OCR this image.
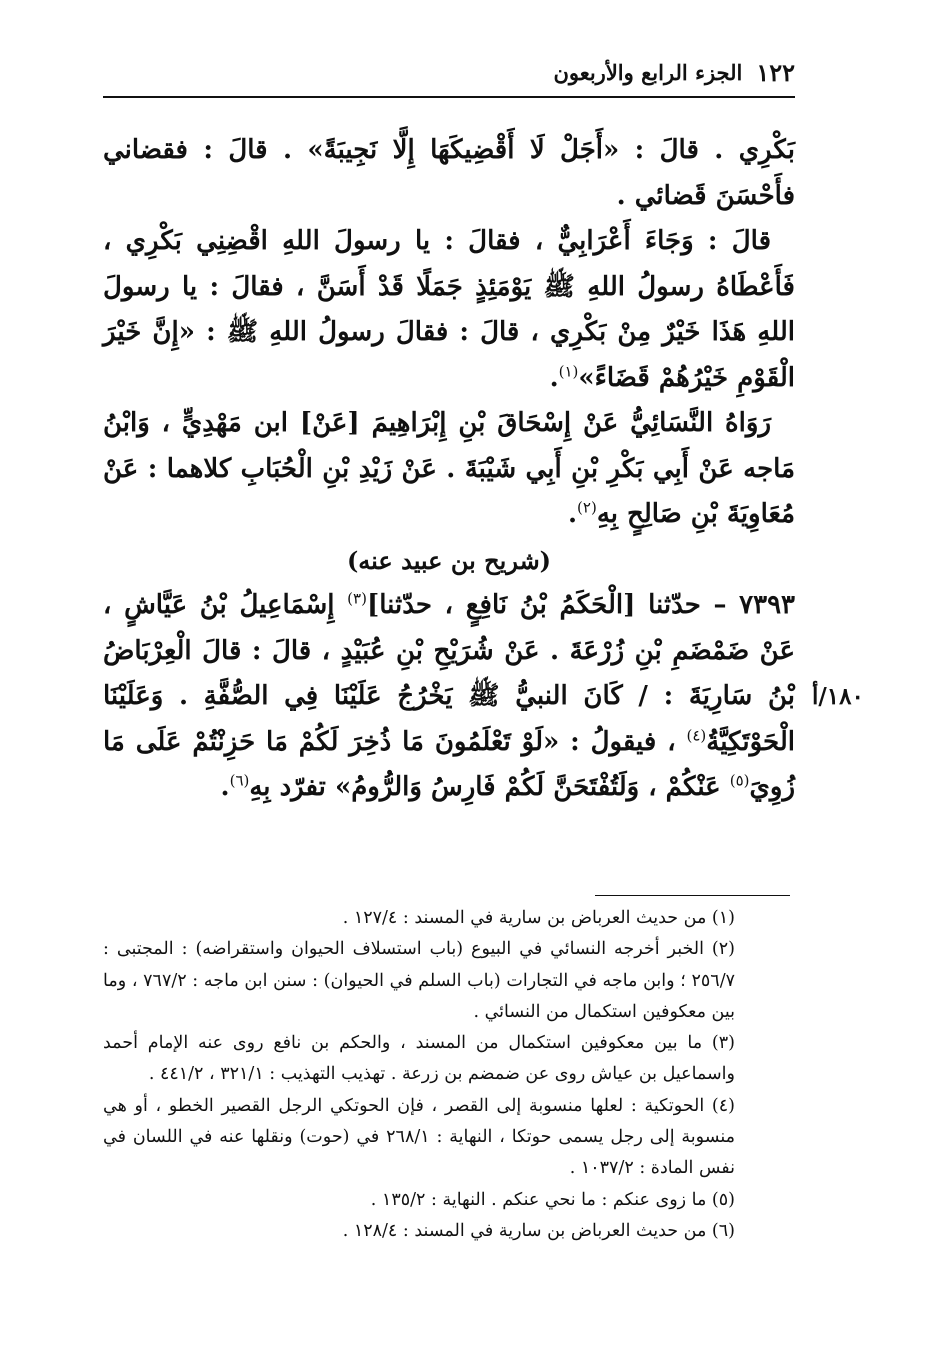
١٢٢
الجزء الرابع والأربعون
١٨٠/أ

بَكْرِي . قالَ : «أَجَلْ لَا أَقْضِيكَهَا إِلَّا نَجِيبَةً» . قالَ : فقضاني فأَحْسَنَ قَضائي .

قالَ : وَجَاءَ أَعْرَابِيٌّ ، فقالَ : يا رسولَ اللهِ اقْضِنِي بَكْرِي ، فَأَعْطَاهُ رسولُ اللهِ ﷺ يَوْمَئِذٍ جَمَلًا قَدْ أَسَنَّ ، فقالَ : يا رسولَ اللهِ هَذَا خَيْرٌ مِنْ بَكْرِي ، قالَ : فقالَ رسولُ اللهِ ﷺ : «إِنَّ خَيْرَ الْقَوْمِ خَيْرُهُمْ قَضَاءً»$^{(١)}$.

رَوَاهُ النَّسَائِيُّ عَنْ إِسْحَاقَ بْنِ إِبْرَاهِيمَ [عَنْ] ابن مَهْدِيٍّ ، وَابْنُ مَاجه عَنْ أَبِي بَكْرِ بْنِ أَبِي شَيْبَةَ . عَنْ زَيْدِ بْنِ الْحُبَابِ كلاهما : عَنْ مُعَاوِيَةَ بْنِ صَالِحٍ بِهِ$^{(٢)}$.

(شريح بن عبيد عنه)

٧٣٩٣ – حدّثنا [الْحَكَمُ بْنُ نَافِعٍ ، حدّثنا]$^{(٣)}$ إِسْمَاعِيلُ بْنُ عَيَّاشٍ ، عَنْ ضَمْضَمِ بْنِ زُرْعَةَ . عَنْ شُرَيْحِ بْنِ عُبَيْدٍ ، قالَ : قالَ الْعِرْبَاضُ بْنُ سَارِيَةَ : / كَانَ النبيُّ ﷺ يَخْرُجُ عَلَيْنَا فِي الصُّفَّةِ . وَعَلَيْنَا الْحَوْتَكِيَّةُ$^{(٤)}$ ، فيقولُ : «لَوْ تَعْلَمُونَ مَا ذُخِرَ لَكُمْ مَا حَزِنْتُمْ عَلَى مَا زُوِيَ$^{(٥)}$ عَنْكُمْ ، وَلَتُفْتَحَنَّ لَكُمْ فَارِسُ وَالرُّومُ» تفرّد بِهِ$^{(٦)}$.

(١) من حديث العرباض بن سارية في المسند : ١٢٧/٤ .

(٢) الخبر أخرجه النسائي في البيوع (باب استسلاف الحيوان واستقراضه) : المجتبى : ٢٥٦/٧ ؛ وابن ماجه في التجارات (باب السلم في الحيوان) : سنن ابن ماجه : ٧٦٧/٢ ، وما بين معكوفين استكمال من النسائي .

(٣) ما بين معكوفين استكمال من المسند ، والحكم بن نافع روى عنه الإمام أحمد واسماعيل بن عياش روى عن ضمضم بن زرعة . تهذيب التهذيب : ٣٢١/١ ، ٤٤١/٢ .

(٤) الحوتكية : لعلها منسوبة إلى القصر ، فإن الحوتكي الرجل القصير الخطو ، أو هي منسوبة إلى رجل يسمى حوتكا ، النهاية : ٢٦٨/١ في (حوت) ونقلها عنه في اللسان في نفس المادة : ١٠٣٧/٢ .

(٥) ما زوى عنكم : ما نحي عنكم . النهاية : ١٣٥/٢ .

(٦) من حديث العرباض بن سارية في المسند : ١٢٨/٤ .
